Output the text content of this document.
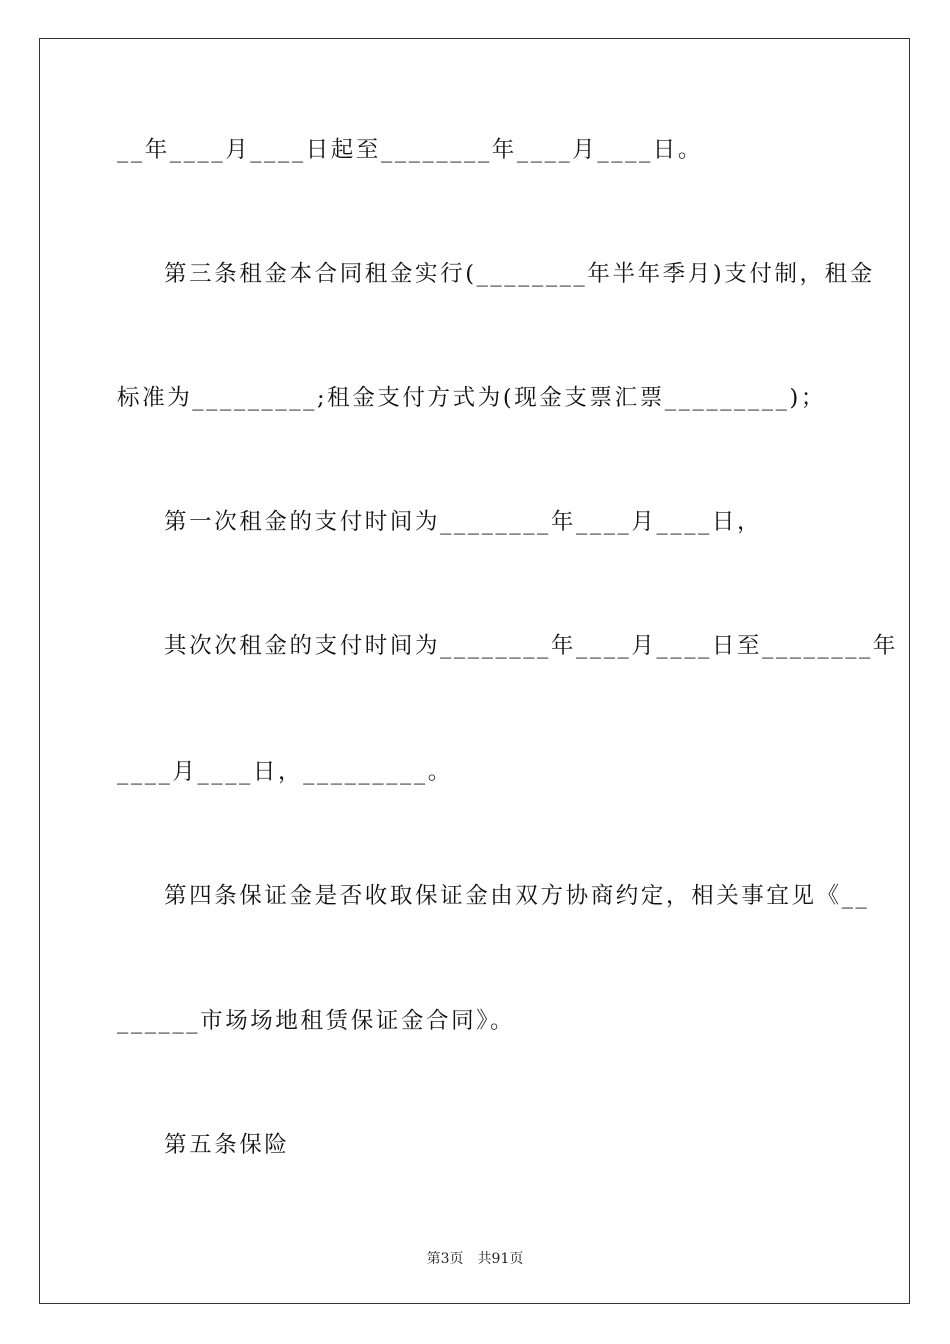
__年____月____日起至________年____月____日。
第三条租金本合同租金实行(________年半年季月)支付制，租金
标准为_________;租金支付方式为(现金支票汇票_________)；
第一次租金的支付时间为________年____月____日，
其次次租金的支付时间为________年____月____日至________年
____月____日，_________。
第四条保证金是否收取保证金由双方协商约定，相关事宜见《__
______市场场地租赁保证金合同》。
第五条保险
第3页 共91页
